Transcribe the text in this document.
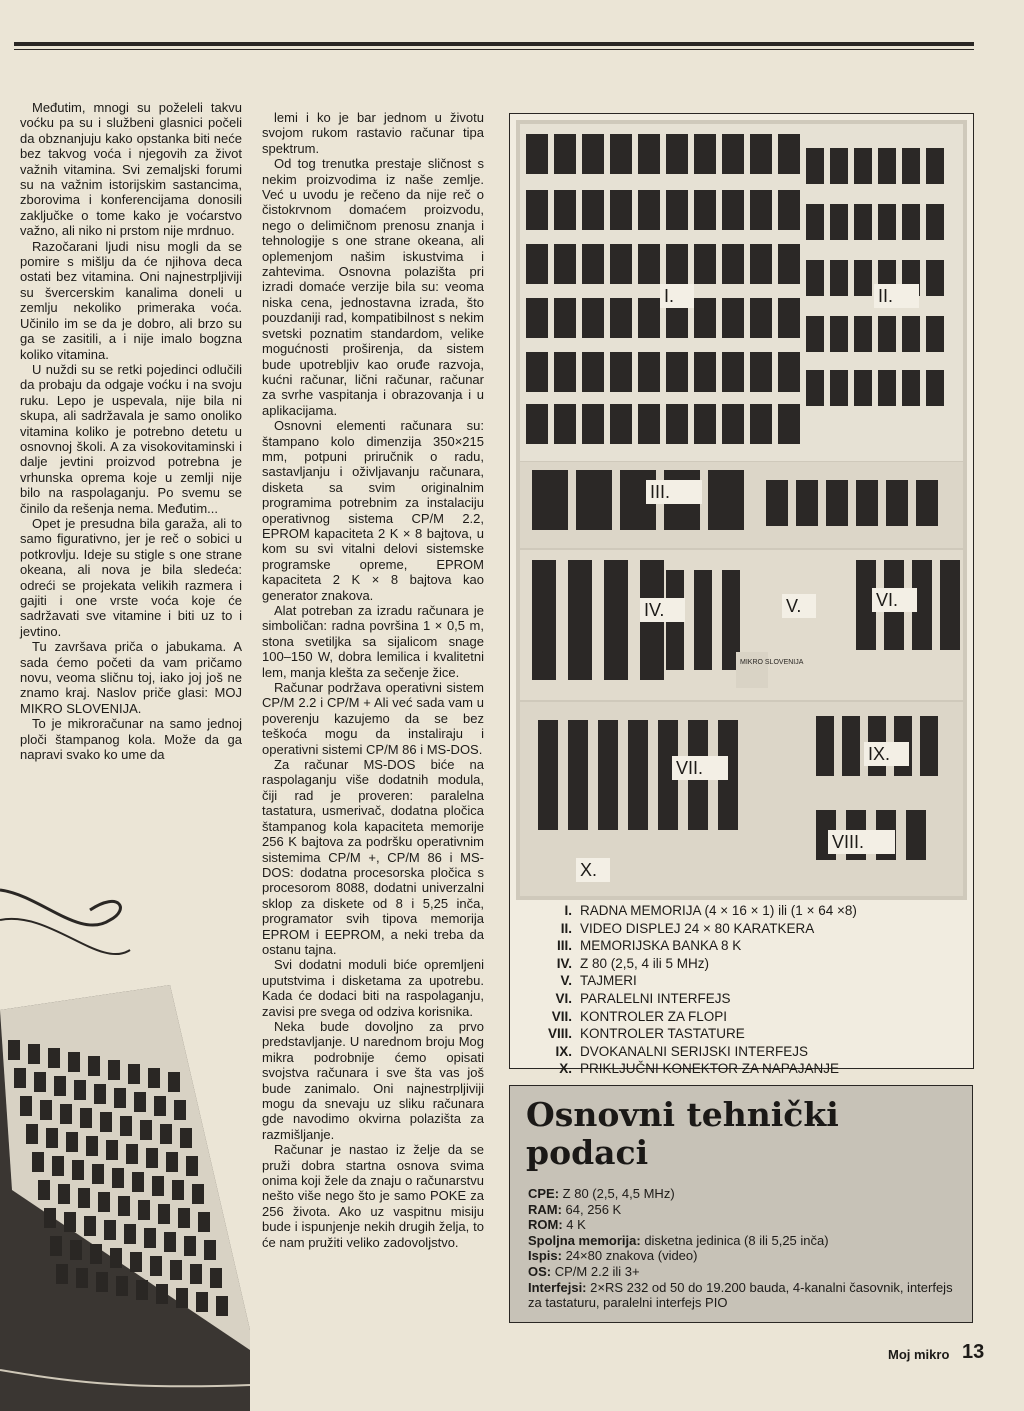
Međutim, mnogi su poželeli takvu voćku pa su i službeni glasnici počeli da obznanjuju kako opstanka biti neće bez takvog voća i njegovih za život važnih vitamina. Svi zemaljski forumi su na važnim istorijskim sastancima, zborovima i konferencijama donosili zaključke o tome kako je voćarstvo važno, ali niko ni prstom nije mrdnuo.

Razočarani ljudi nisu mogli da se pomire s mišlju da će njihova deca ostati bez vitamina. Oni najnestrpljiviji su švercerskim kanalima doneli u zemlju nekoliko primeraka voća. Učinilo im se da je dobro, ali brzo su ga se zasitili, a i nije imalo bogzna koliko vitamina.

U nuždi su se retki pojedinci odlučili da probaju da odgaje voćku i na svoju ruku. Lepo je uspevala, nije bila ni skupa, ali sadržavala je samo onoliko vitamina koliko je potrebno detetu u osnovnoj školi. A za visokovitaminski i dalje jevtini proizvod potrebna je vrhunska oprema koje u zemlji nije bilo na raspolaganju. Po svemu se činilo da rešenja nema. Međutim...

Opet je presudna bila garaža, ali to samo figurativno, jer je reč o sobici u potkrovlju. Ideje su stigle s one strane okeana, ali nova je bila sledeća: odreći se projekata velikih razmera i gajiti i one vrste voća koje će sadržavati sve vitamine i biti uz to i jevtino.

Tu završava priča o jabukama. A sada ćemo početi da vam pričamo novu, veoma sličnu toj, iako joj još ne znamo kraj. Naslov priče glasi: MOJ MIKRO SLOVENIJA.

To je mikroračunar na samo jednoj ploči štampanog kola. Može da ga napravi svako ko ume da

lemi i ko je bar jednom u životu svojom rukom rastavio računar tipa spektrum.

Od tog trenutka prestaje sličnost s nekim proizvodima iz naše zemlje. Već u uvodu je rečeno da nije reč o čistokrvnom domaćem proizvodu, nego o delimičnom prenosu znanja i tehnologije s one strane okeana, ali oplemenjom našim iskustvima i zahtevima. Osnovna polazišta pri izradi domaće verzije bila su: veoma niska cena, jednostavna izrada, što pouzdaniji rad, kompatibilnost s nekim svetski poznatim standardom, velike mogućnosti proširenja, da sistem bude upotrebljiv kao oruđe razvoja, kućni računar, lični računar, računar za svrhe vaspitanja i obrazovanja i u aplikacijama.

Osnovni elementi računara su: štampano kolo dimenzija 350×215 mm, potpuni priručnik o radu, sastavljanju i oživljavanju računara, disketa sa svim originalnim programima potrebnim za instalaciju operativnog sistema CP/M 2.2, EPROM kapaciteta 2 K × 8 bajtova, u kom su svi vitalni delovi sistemske programske opreme, EPROM kapaciteta 2 K × 8 bajtova kao generator znakova.

Alat potreban za izradu računara je simboličan: radna površina 1 × 0,5 m, stona svetiljka sa sijalicom snage 100–150 W, dobra lemilica i kvalitetni lem, manja klešta za sečenje žice.

Računar podržava operativni sistem CP/M 2.2 i CP/M + Ali već sada vam u poverenju kazujemo da se bez teškoća mogu da instaliraju i operativni sistemi CP/M 86 i MS-DOS.

Za računar MS-DOS biće na raspolaganju više dodatnih modula, čiji rad je proveren: paralelna tastatura, usmerivač, dodatna pločica štampanog kola kapaciteta memorije 256 K bajtova za podršku operativnim sistemima CP/M +, CP/M 86 i MS-DOS: dodatna procesorska pločica s procesorom 8088, dodatni univerzalni sklop za diskete od 8 i 5,25 inča, programator svih tipova memorija EPROM i EEPROM, a neki treba da ostanu tajna.

Svi dodatni moduli biće opremljeni uputstvima i disketama za upotrebu. Kada će dodaci biti na raspolaganju, zavisi pre svega od odziva korisnika.

Neka bude dovoljno za prvo predstavljanje. U narednom broju Mog mikra podrobnije ćemo opisati svojstva računara i sve šta vas još bude zanimalo. Oni najnestrpljiviji mogu da snevaju uz sliku računara gde navodimo okvirna polazišta za razmišljanje.

Računar je nastao iz želje da se pruži dobra startna osnova svima onima koji žele da znaju o računarstvu nešto više nego što je samo POKE za 256 života. Ako uz vaspitnu misiju bude i ispunjenje nekih drugih želja, to će nam pružiti veliko zadovoljstvo.

I.	II.
III.
IV.	V.	VI.
VII.
VIII.
IX.
X.
MIKRO SLOVENIJA
I. RADNA MEMORIJA (4 × 16 × 1) ili (1 × 64 ×8)
II. VIDEO DISPLEJ 24 × 80 KARATKERA
III. MEMORIJSKA BANKA 8 K
IV. Z 80 (2,5, 4 ili 5 MHz)
V. TAJMERI
VI. PARALELNI INTERFEJS
VII. KONTROLER ZA FLOPI
VIII. KONTROLER TASTATURE
IX. DVOKANALNI SERIJSKI INTERFEJS
X. PRIKLJUČNI KONEKTOR ZA NAPAJANJE
Osnovni tehnički podaci
CPE: Z 80 (2,5, 4,5 MHz)
RAM: 64, 256 K
ROM: 4 K
Spoljna memorija: disketna jedinica (8 ili 5,25 inča)
Ispis: 24×80 znakova (video)
OS: CP/M 2.2 ili 3+
Interfejsi: 2×RS 232 od 50 do 19.200 bauda, 4-kanalni časovnik, interfejs za tastaturu, paralelni interfejs PIO
Moj mikro 13
